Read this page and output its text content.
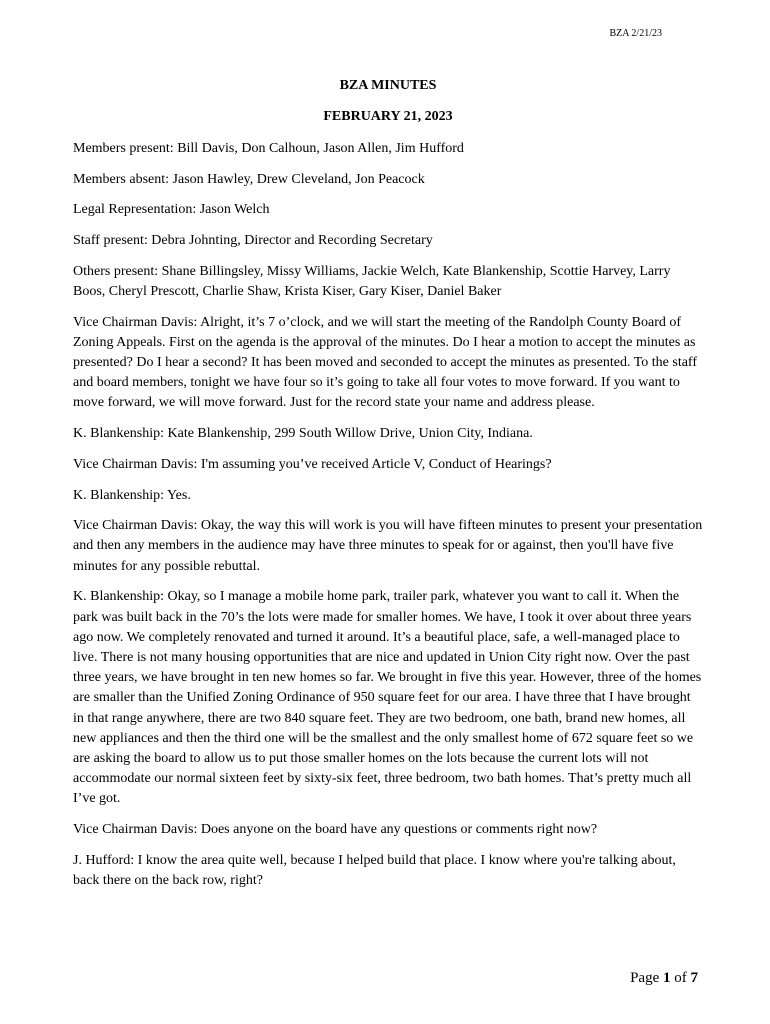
BZA 2/21/23

BZA MINUTES

FEBRUARY 21, 2023

Members present: Bill Davis, Don Calhoun, Jason Allen, Jim Hufford

Members absent: Jason Hawley, Drew Cleveland, Jon Peacock

Legal Representation: Jason Welch

Staff present: Debra Johnting, Director and Recording Secretary

Others present: Shane Billingsley, Missy Williams, Jackie Welch, Kate Blankenship, Scottie Harvey, Larry Boos, Cheryl Prescott, Charlie Shaw, Krista Kiser, Gary Kiser, Daniel Baker

Vice Chairman Davis: Alright, it’s 7 o’clock, and we will start the meeting of the Randolph County Board of Zoning Appeals. First on the agenda is the approval of the minutes. Do I hear a motion to accept the minutes as presented? Do I hear a second? It has been moved and seconded to accept the minutes as presented. To the staff and board members, tonight we have four so it’s going to take all four votes to move forward. If you want to move forward, we will move forward. Just for the record state your name and address please.

K. Blankenship: Kate Blankenship, 299 South Willow Drive, Union City, Indiana.

Vice Chairman Davis: I'm assuming you’ve received Article V, Conduct of Hearings?

K. Blankenship: Yes.

Vice Chairman Davis: Okay, the way this will work is you will have fifteen minutes to present your presentation and then any members in the audience may have three minutes to speak for or against, then you'll have five minutes for any possible rebuttal.

K. Blankenship: Okay, so I manage a mobile home park, trailer park, whatever you want to call it. When the park was built back in the 70’s the lots were made for smaller homes. We have, I took it over about three years ago now. We completely renovated and turned it around. It’s a beautiful place, safe, a well-managed place to live. There is not many housing opportunities that are nice and updated in Union City right now. Over the past three years, we have brought in ten new homes so far. We brought in five this year. However, three of the homes are smaller than the Unified Zoning Ordinance of 950 square feet for our area. I have three that I have brought in that range anywhere, there are two 840 square feet. They are two bedroom, one bath, brand new homes, all new appliances and then the third one will be the smallest and the only smallest home of 672 square feet so we are asking the board to allow us to put those smaller homes on the lots because the current lots will not accommodate our normal sixteen feet by sixty-six feet, three bedroom, two bath homes. That’s pretty much all I’ve got.

Vice Chairman Davis: Does anyone on the board have any questions or comments right now?

J. Hufford: I know the area quite well, because I helped build that place. I know where you're talking about, back there on the back row, right?

Page 1 of 7
